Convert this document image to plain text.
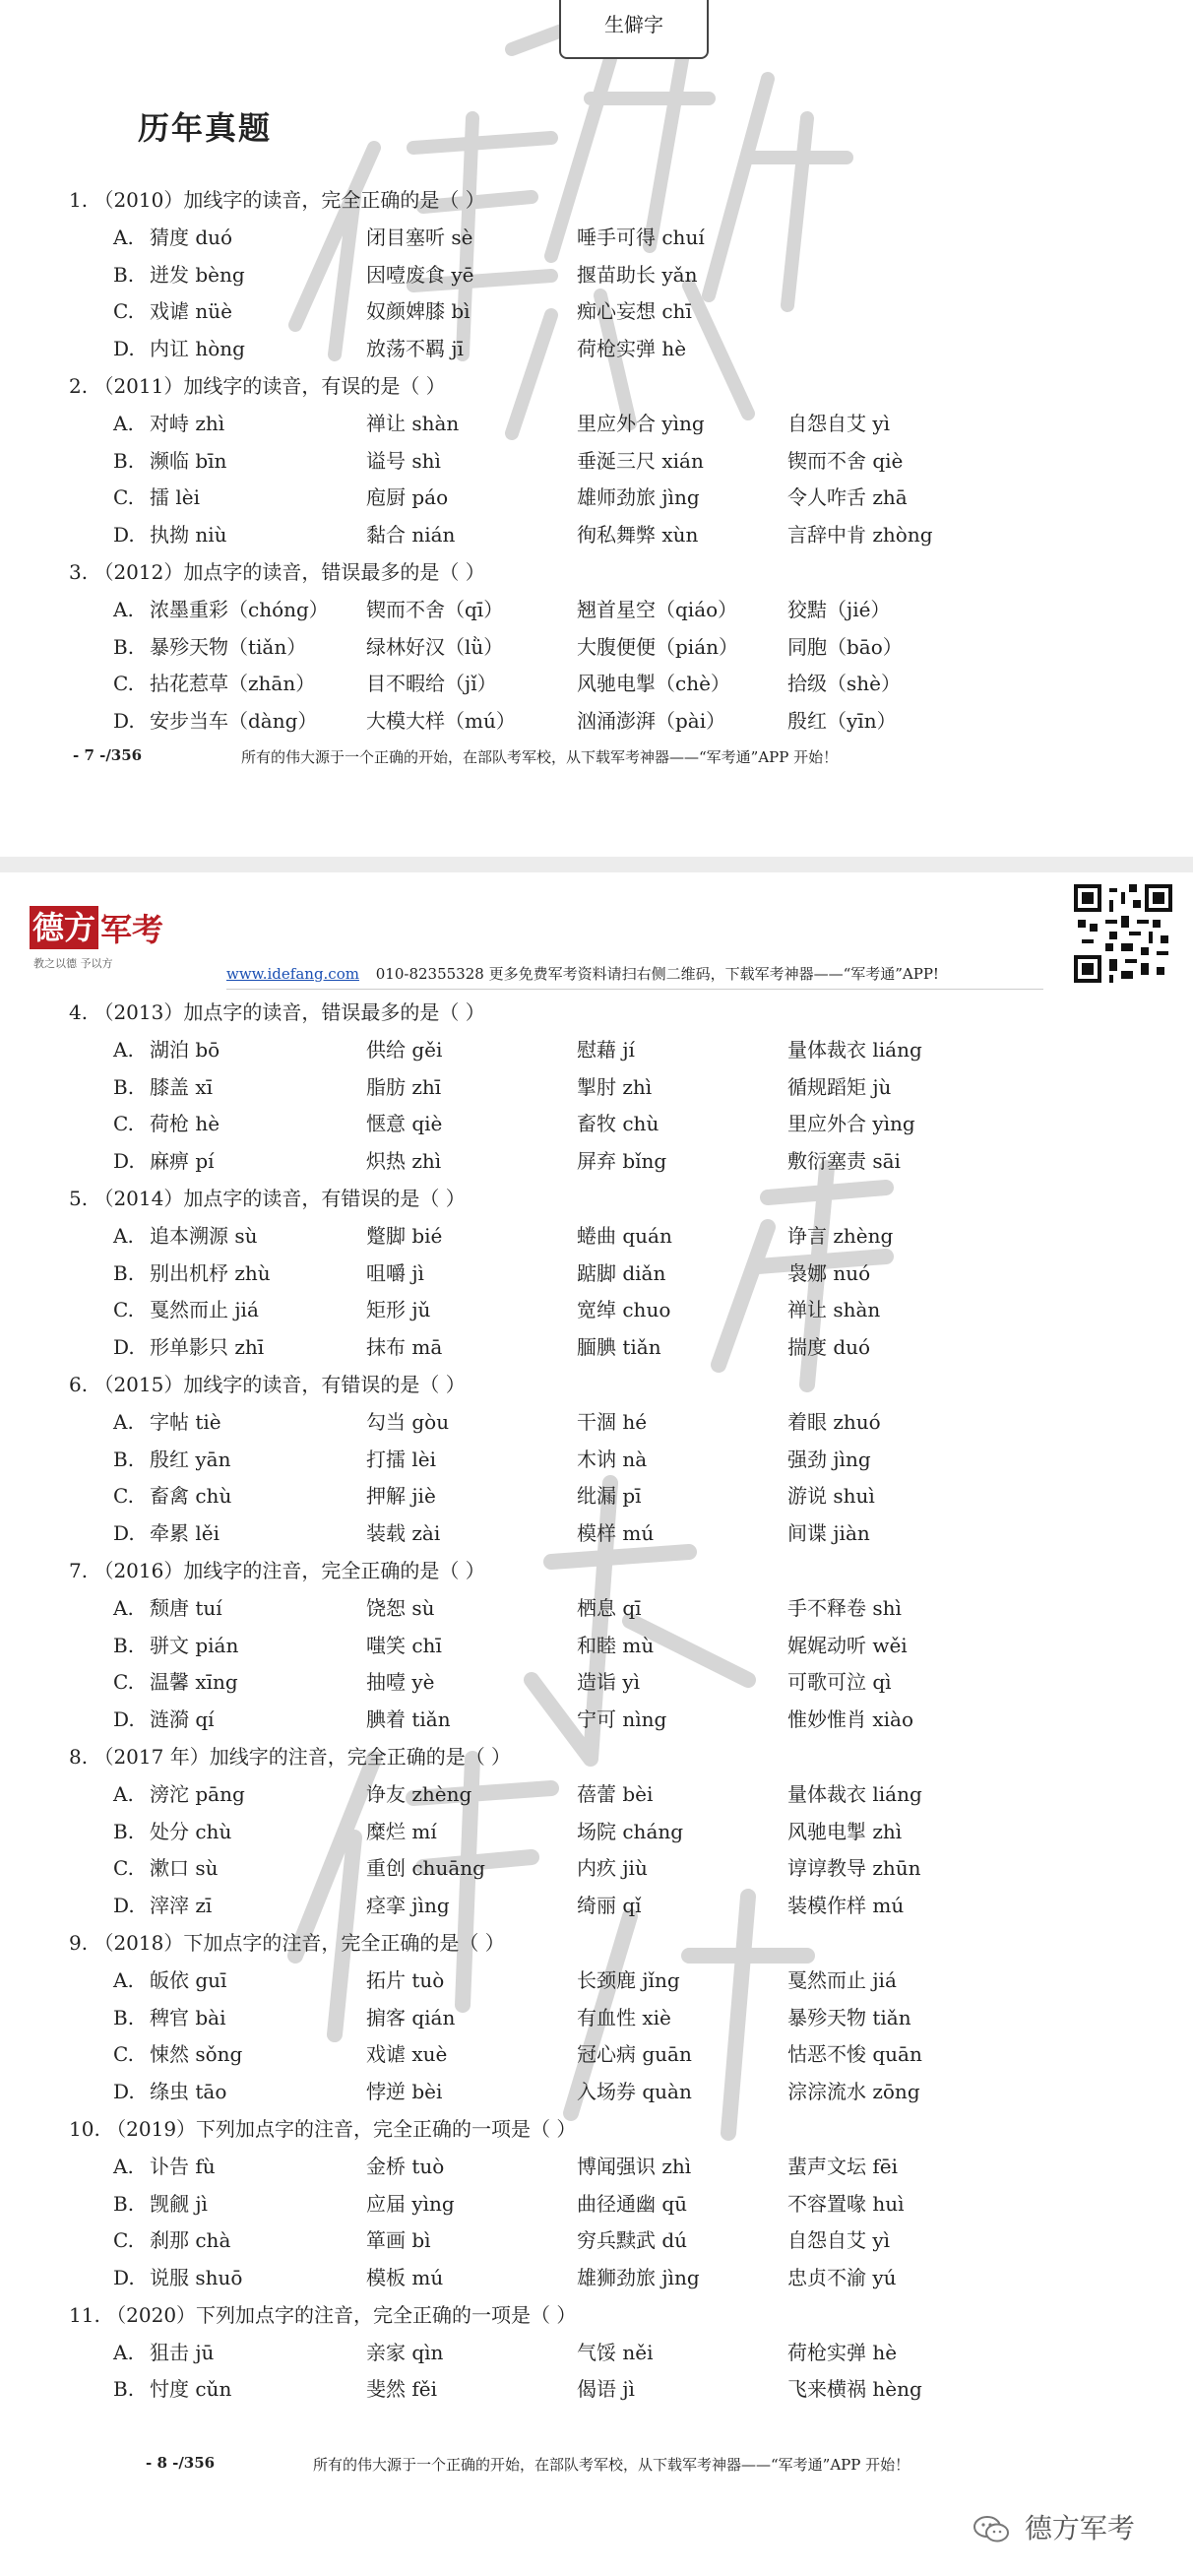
生僻字
历年真题
1. （2010）加线字的读音，完全正确的是（ ）
A. 猜度 duó	闭目塞听 sè	唾手可得 chuí
B. 迸发 bèng	因噎废食 yē	揠苗助长 yǎn
C. 戏谑 nüè	奴颜婢膝 bì	痴心妄想 chī
D. 内讧 hòng	放荡不羁 jī	荷枪实弹 hè
2. （2011）加线字的读音，有误的是（ ）
A. 对峙 zhì	禅让 shàn	里应外合 yìng	自怨自艾 yì
B. 濒临 bīn	谥号 shì	垂涎三尺 xián	锲而不舍 qiè
C. 擂 lèi	庖厨 páo	雄师劲旅 jìng	令人咋舌 zhā
D. 执拗 niù	黏合 nián	徇私舞弊 xùn	言辞中肯 zhòng
3. （2012）加点字的读音，错误最多的是（ ）
A. 浓墨重彩（chóng） 锲而不舍（qī）	翘首星空（qiáo）	狡黠（jié）
B. 暴殄天物（tiǎn）	绿林好汉（lǜ）	大腹便便（pián） 同胞（bāo）
C. 拈花惹草（zhān）	目不暇给（jǐ）	风驰电掣（chè）	拾级（shè）
D. 安步当车（dàng） 大模大样（mú）	汹涌澎湃（pài）	殷红（yīn）
- 7 -/356	所有的伟大源于一个正确的开始，在部队考军校，从下载军考神器——“军考通”APP 开始！
德方 军考
教之以德 予以方
www.idefang.com 010-82355328 更多免费军考资料请扫右侧二维码，下载军考神器——“军考通”APP!
4. （2013）加点字的读音，错误最多的是（ ）
A. 湖泊 bō	供给 gěi	慰藉 jí	量体裁衣 liáng
B. 膝盖 xī	脂肪 zhī	掣肘 zhì	循规蹈矩 jù
C. 荷枪 hè	惬意 qiè	畜牧 chù	里应外合 yìng
D. 麻痹 pí	炽热 zhì	屏弃 bǐng	敷衍塞责 sāi
5. （2014）加点字的读音，有错误的是（ ）
A. 追本溯源 sù	蹩脚 bié	蜷曲 quán	诤言 zhèng
B. 别出机杼 zhù	咀嚼 jì	踮脚 diǎn	袅娜 nuó
C. 戛然而止 jiá	矩形 jǔ	宽绰 chuo	禅让 shàn
D. 形单影只 zhī	抹布 mā	腼腆 tiǎn	揣度 duó
6. （2015）加线字的读音，有错误的是（ ）
A. 字帖 tiè	勾当 gòu	干涸 hé	着眼 zhuó
B. 殷红 yān	打擂 lèi	木讷 nà	强劲 jìng
C. 畜禽 chù	押解 jiè	纰漏 pī	游说 shuì
D. 牵累 lěi	装载 zài	模样 mú	间谍 jiàn
7. （2016）加线字的注音，完全正确的是（ ）
A. 颓唐 tuí	饶恕 sù	栖息 qī	手不释卷 shì
B. 骈文 pián	嗤笑 chī	和睦 mù	娓娓动听 wěi
C. 温馨 xīng	抽噎 yè	造诣 yì	可歌可泣 qì
D. 涟漪 qí	腆着 tiǎn	宁可 nìng	惟妙惟肖 xiào
8. （2017 年）加线字的注音，完全正确的是（ ）
A. 滂沱 pāng	诤友 zhèng	蓓蕾 bèi	量体裁衣 liáng
B. 处分 chù	糜烂 mí	场院 cháng	风驰电掣 zhì
C. 漱口 sù	重创 chuāng	内疚 jiù	谆谆教导 zhūn
D. 滓滓 zī	痉挛 jìng	绮丽 qǐ	装模作样 mú
9. （2018）下加点字的注音，完全正确的是（ ）
A. 皈依 guī	拓片 tuò	长颈鹿 jǐng	戛然而止 jiá
B. 稗官 bài	掮客 qián	有血性 xiè	暴殄天物 tiǎn
C. 悚然 sǒng	戏谑 xuè	冠心病 guān	怙恶不悛 quān
D. 绦虫 tāo	悖逆 bèi	入场券 quàn	淙淙流水 zōng
10. （2019）下列加点字的注音，完全正确的一项是（ ）
A. 讣告 fù	金桥 tuò	博闻强识 zhì	蜚声文坛 fēi
B. 觊觎 jì	应届 yìng	曲径通幽 qū	不容置喙 huì
C. 刹那 chà	箪画 bì	穷兵黩武 dú	自怨自艾 yì
D. 说服 shuō	模板 mú	雄狮劲旅 jìng	忠贞不渝 yú
11. （2020）下列加点字的注音，完全正确的一项是（ ）
A. 狙击 jū	亲家 qìn	气馁 něi	荷枪实弹 hè
B. 忖度 cǔn	斐然 fěi	偈语 jì	飞来横祸 hèng
- 8 -/356	所有的伟大源于一个正确的开始，在部队考军校，从下载军考神器——“军考通”APP 开始！
德方军考
